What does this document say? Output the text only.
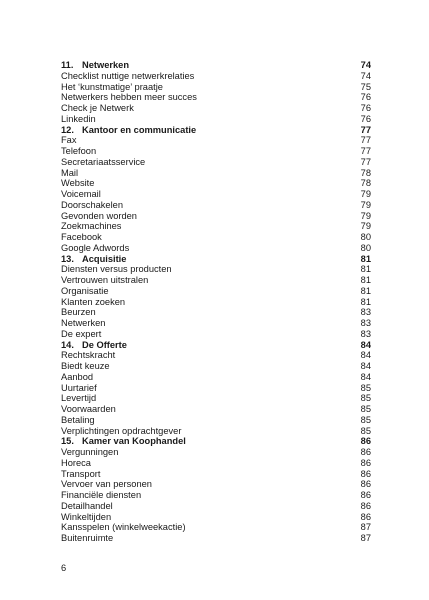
11. Netwerken	74
Checklist nuttige netwerkrelaties	74
Het ‘kunstmatige’ praatje	75
Netwerkers hebben meer succes	76
Check je Netwerk	76
Linkedin	76
12. Kantoor en communicatie	77
Fax	77
Telefoon	77
Secretariaatsservice	77
Mail	78
Website	78
Voicemail	79
Doorschakelen	79
Gevonden worden	79
Zoekmachines	79
Facebook	80
Google Adwords	80
13. Acquisitie	81
Diensten versus producten	81
Vertrouwen uitstralen	81
Organisatie	81
Klanten zoeken	81
Beurzen	83
Netwerken	83
De expert	83
14. De Offerte	84
Rechtskracht	84
Biedt keuze	84
Aanbod	84
Uurtarief	85
Levertijd	85
Voorwaarden	85
Betaling	85
Verplichtingen opdrachtgever	85
15. Kamer van Koophandel	86
Vergunningen	86
Horeca	86
Transport	86
Vervoer van personen	86
Financiële diensten	86
Detailhandel	86
Winkeltijden	86
Kansspelen (winkelweekactie)	87
Buitenruimte	87
6
